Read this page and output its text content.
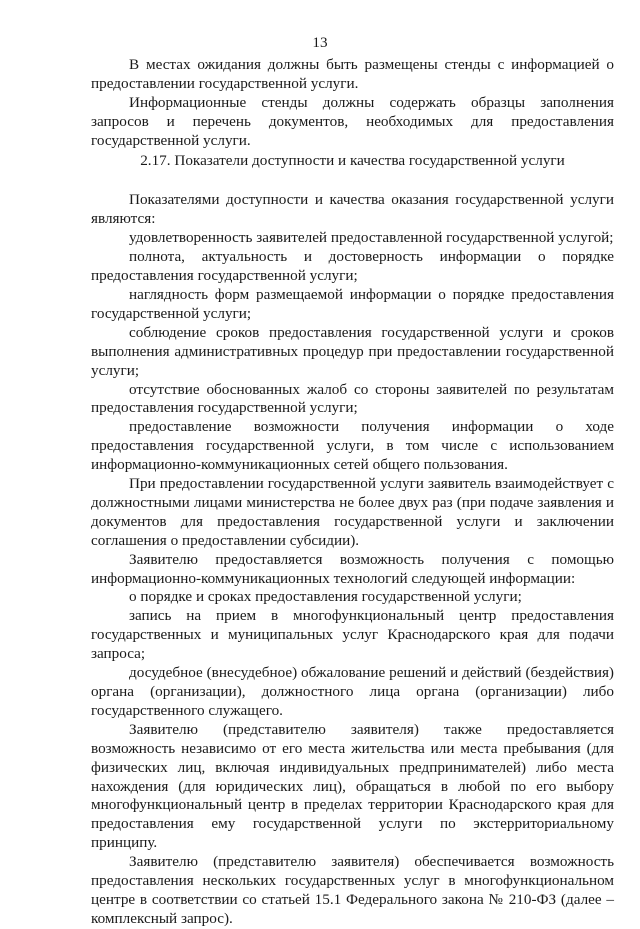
13

В местах ожидания должны быть размещены стенды с информацией о предоставлении государственной услуги.

Информационные стенды должны содержать образцы заполнения запросов и перечень документов, необходимых для предоставления государственной услуги.

2.17. Показатели доступности и качества государственной услуги

Показателями доступности и качества оказания государственной услуги являются:

удовлетворенность заявителей предоставленной государственной услугой;

полнота, актуальность и достоверность информации о порядке предоставления государственной услуги;

наглядность форм размещаемой информации о порядке предоставления государственной услуги;

соблюдение сроков предоставления государственной услуги и сроков выполнения административных процедур при предоставлении государственной услуги;

отсутствие обоснованных жалоб со стороны заявителей по результатам предоставления государственной услуги;

предоставление возможности получения информации о ходе предоставления государственной услуги, в том числе с использованием информационно-коммуникационных сетей общего пользования.

При предоставлении государственной услуги заявитель взаимодействует с должностными лицами министерства не более двух раз (при подаче заявления и документов для предоставления государственной услуги и заключении соглашения о предоставлении субсидии).

Заявителю предоставляется возможность получения с помощью информационно-коммуникационных технологий следующей информации:

о порядке и сроках предоставления государственной услуги;

запись на прием в многофункциональный центр предоставления государственных и муниципальных услуг Краснодарского края для подачи запроса;

досудебное (внесудебное) обжалование решений и действий (бездействия) органа (организации), должностного лица органа (организации) либо государственного служащего.

Заявителю (представителю заявителя) также предоставляется возможность независимо от его места жительства или места пребывания (для физических лиц, включая индивидуальных предпринимателей) либо места нахождения (для юридических лиц), обращаться в любой по его выбору многофункциональный центр в пределах территории Краснодарского края для предоставления ему государственной услуги по экстерриториальному принципу.

Заявителю (представителю заявителя) обеспечивается возможность предоставления нескольких государственных услуг в многофункциональном центре в соответствии со статьей 15.1 Федерального закона № 210-ФЗ (далее – комплексный запрос).
